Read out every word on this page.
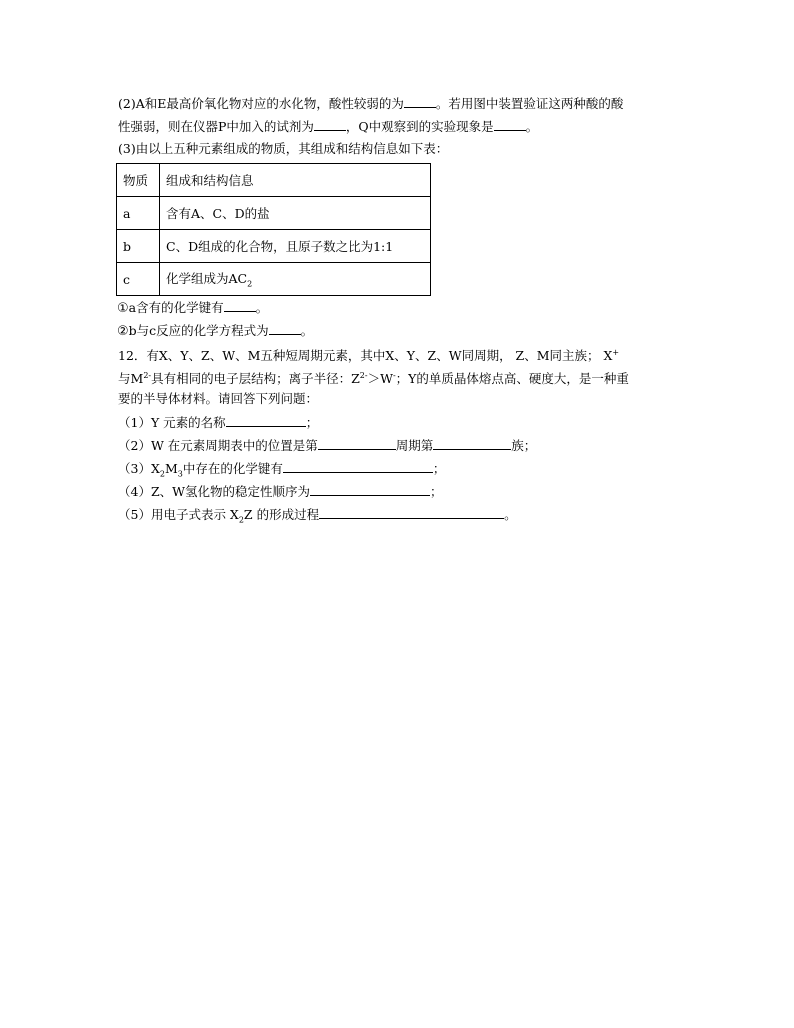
(2)A和E最高价氧化物对应的水化物，酸性较弱的为	。若用图中装置验证这两种酸的酸
性强弱，则在仪器P中加入的试剂为	，Q中观察到的实验现象是	。
(3)由以上五种元素组成的物质，其组成和结构信息如下表：
物质	组成和结构信息
a	含有A、C、D的盐
b	C、D组成的化合物，且原子数之比为1:1
c	化学组成为$AC_2$
①a含有的化学键有	。
②b与c反应的化学方程式为	。
12．有X、Y、Z、W、M五种短周期元素，其中X、Y、Z、W同周期， Z、M同主族； X+
与$M^{2-}$具有相同的电子层结构；离子半径：$Z^{2-}>W^-$；Y的单质晶体熔点高、硬度大，是一种重
要的半导体材料。请回答下列问题：
（1）Y 元素的名称	；
（2）W 在元素周期表中的位置是第	周期第	族；
$(3)X_2M_3$中存在的化学键有	；
（4）Z、W氢化物的稳定性顺序为	；
（5）用电子式表示 $X_2Z$ 的形成过程	。
